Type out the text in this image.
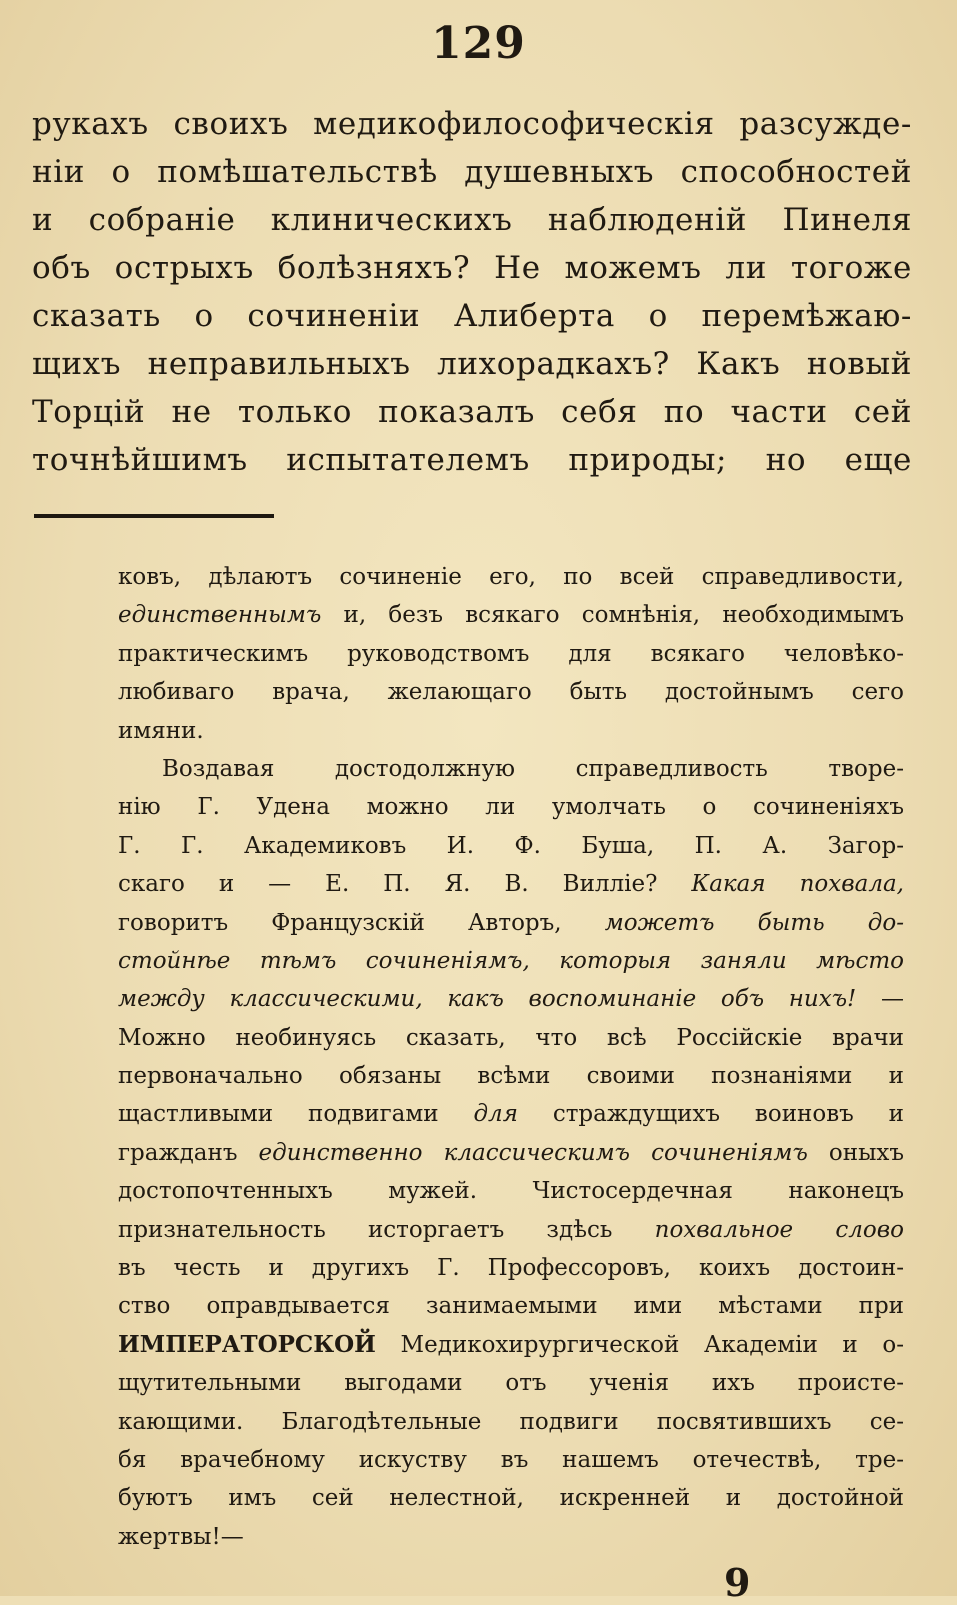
129
рукахъ своихъ медикофилософическія разсужде-
ніи о помѣшательствѣ душевныхъ способностей
и собраніе клиническихъ наблюденій Пинеля
объ острыхъ болѣзняхъ? Не можемъ ли тогоже
сказать о сочиненіи Алиберта о перемѣжаю-
щихъ неправильныхъ лихорадкахъ? Какъ новый
Торцій не только показалъ себя по части сей
точнѣйшимъ испытателемъ природы; но еще
ковъ, дѣлаютъ сочиненіе его, по всей справедливости,
единственнымъ и, безъ всякаго сомнѣнія, необходимымъ
практическимъ руководствомъ для всякаго человѣко-
любиваго врача, желающаго быть достойнымъ сего
имяни.
Воздавая достодолжную справедливость творе-
нію Г. Удена можно ли умолчать о сочиненіяхъ
Г. Г. Академиковъ И. Ф. Буша, П. А. Загор-
скаго и — Е. П. Я. В. Виллiе? Какая похвала,
говоритъ Французскій Авторъ, можетъ быть до-
стойнѣе тѣмъ сочиненіямъ, которыя заняли мѣсто
между классическими, какъ воспоминаніе объ нихъ! —
Можно необинуясь сказать, что всѣ Россійскіе врачи
первоначально обязаны всѣми своими познаніями и
щастливыми подвигами для страждущихъ воиновъ и
гражданъ единственно классическимъ сочиненіямъ оныхъ
достопочтенныхъ мужей. Чистосердечная наконецъ
признательность исторгаетъ здѣсь похвальное слово
въ честь и другихъ Г. Профессоровъ, коихъ достоин-
ство оправдывается занимаемыми ими мѣстами при
ИМПЕРАТОРСКОЙ Медикохирургической Академіи и о-
щутительными выгодами отъ ученія ихъ происте-
кающими. Благодѣтельные подвиги посвятившихъ се-
бя врачебному искуству въ нашемъ отечествѣ, тре-
буютъ имъ сей нелестной, искренней и достойной
жертвы!—
9
